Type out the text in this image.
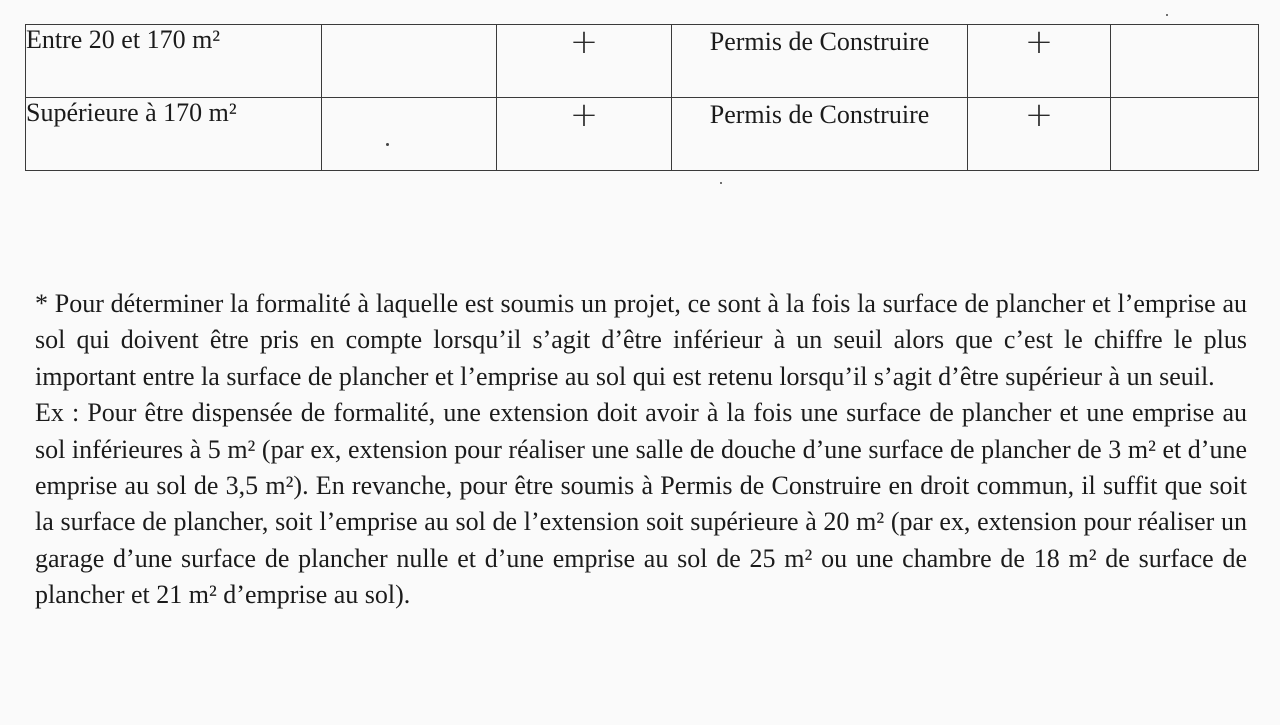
Entre 20 et 170 m²		+	Permis de Construire	+	
Supérieure à 170 m²		+	Permis de Construire	+	

* Pour déterminer la formalité à laquelle est soumis un projet, ce sont à la fois la surface de plancher et l’emprise au sol qui doivent être pris en compte lorsqu’il s’agit d’être inférieur à un seuil alors que c’est le chiffre le plus important entre la surface de plancher et l’emprise au sol qui est retenu lorsqu’il s’agit d’être supérieur à un seuil.

Ex : Pour être dispensée de formalité, une extension doit avoir à la fois une surface de plancher et une emprise au sol inférieures à 5 m² (par ex, extension pour réaliser une salle de douche d’une surface de plancher de 3 m² et d’une emprise au sol de 3,5 m²). En revanche, pour être soumis à Permis de Construire en droit commun, il suffit que soit la surface de plancher, soit l’emprise au sol de l’extension soit supérieure à 20 m² (par ex, extension pour réaliser un garage d’une surface de plancher nulle et d’une emprise au sol de 25 m² ou une chambre de 18 m² de surface de plancher et 21 m² d’emprise au sol).
